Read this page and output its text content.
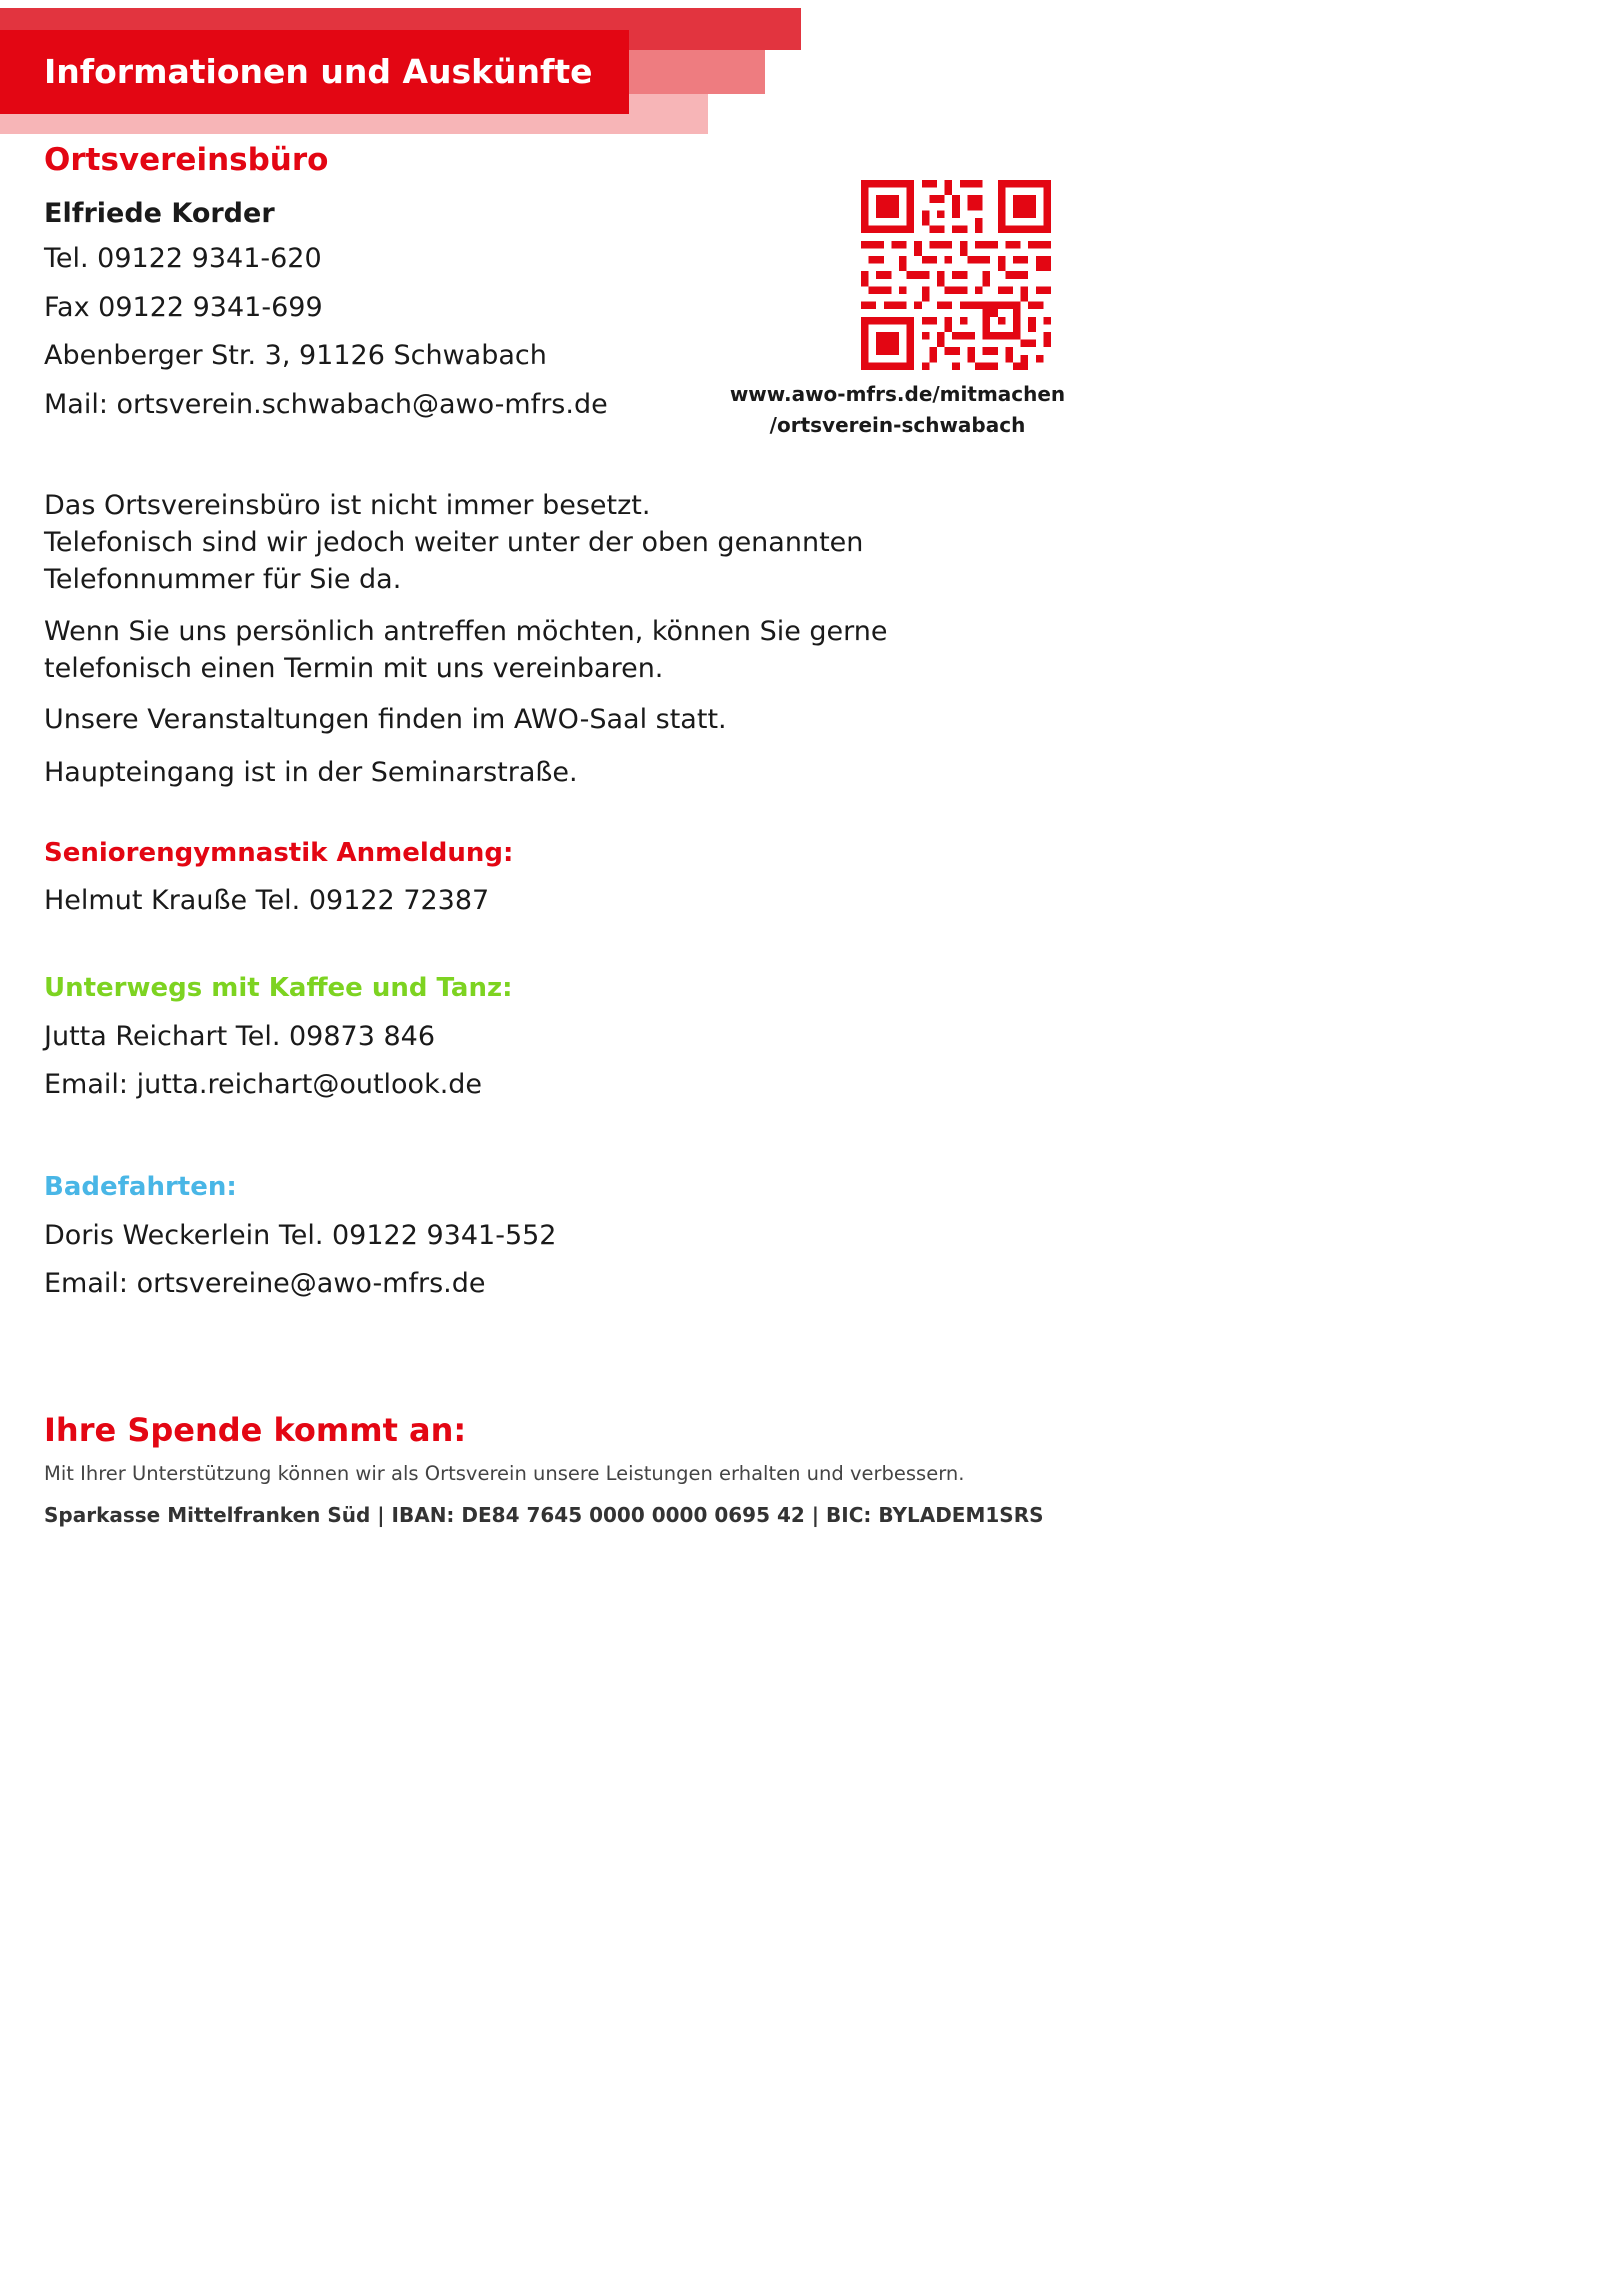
Informationen und Auskünfte
Ortsvereinsbüro

Elfriede Korder

Tel. 09122 9341-620

Fax 09122 9341-699

Abenberger Str. 3, 91126 Schwabach

Mail: ortsverein.schwabach@awo-mfrs.de	www.awo-mfrs.de/mitmachen

/ortsverein-schwabach

Das Ortsvereinsbüro ist nicht immer besetzt.

Telefonisch sind wir jedoch weiter unter der oben genannten

Telefonnummer für Sie da.

Wenn Sie uns persönlich antreffen möchten, können Sie gerne

telefonisch einen Termin mit uns vereinbaren.

Unsere Veranstaltungen finden im AWO-Saal statt.

Haupteingang ist in der Seminarstraße.

Seniorengymnastik Anmeldung:

Helmut Krauße Tel. 09122 72387

Unterwegs mit Kaffee und Tanz:

Jutta Reichart Tel. 09873 846

Email: jutta.reichart@outlook.de

Badefahrten:

Doris Weckerlein Tel. 09122 9341-552

Email: ortsvereine@awo-mfrs.de

Ihre Spende kommt an:

Mit Ihrer Unterstützung können wir als Ortsverein unsere Leistungen erhalten und verbessern.

Sparkasse Mittelfranken Süd | IBAN: DE84 7645 0000 0000 0695 42 | BIC: BYLADEM1SRS
